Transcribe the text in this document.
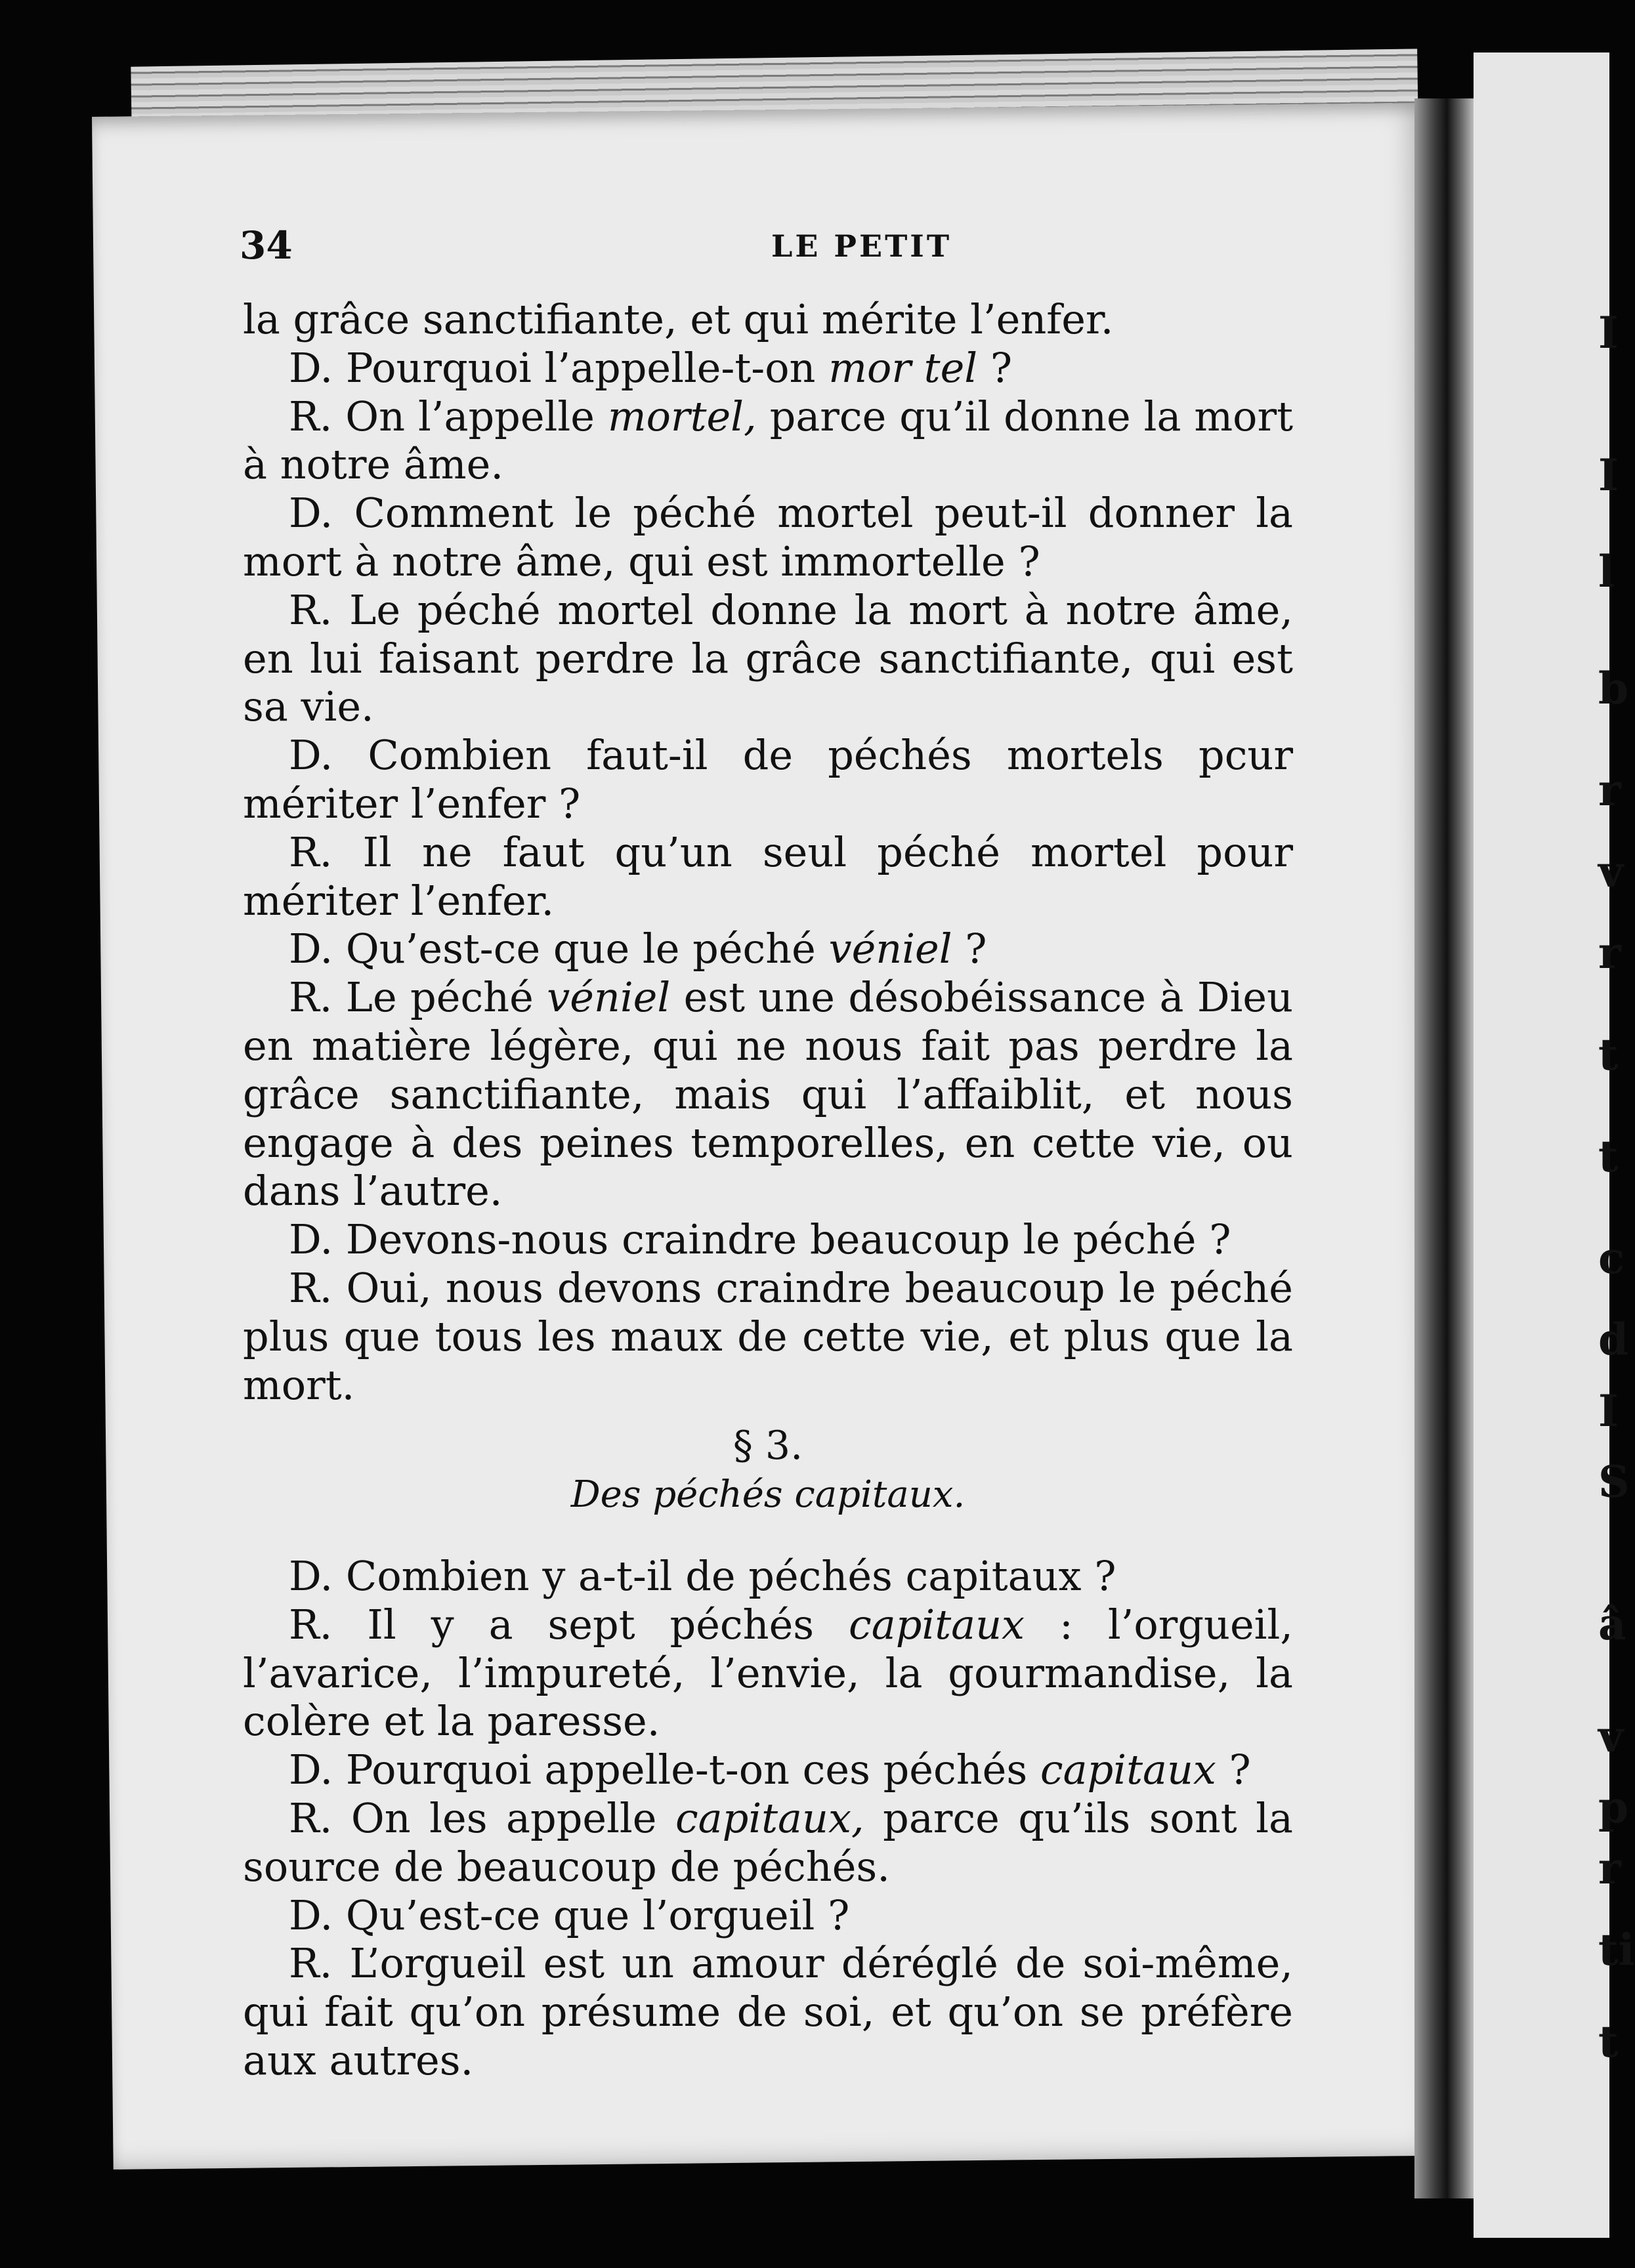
I
I
l
b
r
v
r
t
t
c
d
I
S
â
v
p
r
ti
t
34	LE PETIT

la grâce sanctifiante, et qui mérite l’enfer.

D. Pourquoi l’appelle-t-on mor tel ?

R. On l’appelle mortel, parce qu’il donne la mort à notre âme.

D. Comment le péché mortel peut-il donner la mort à notre âme, qui est immortelle ?

R. Le péché mortel donne la mort à notre âme, en lui faisant perdre la grâce sanctifiante, qui est sa vie.

D. Combien faut-il de péchés mortels pcur mériter l’enfer ?

R. Il ne faut qu’un seul péché mortel pour mériter l’enfer.

D. Qu’est-ce que le péché véniel ?

R. Le péché véniel est une désobéissance à Dieu en matière légère, qui ne nous fait pas perdre la grâce sanctifiante, mais qui l’affaiblit, et nous engage à des peines temporelles, en cette vie, ou dans l’autre.

D. Devons-nous craindre beaucoup le péché ?

R. Oui, nous devons craindre beaucoup le péché plus que tous les maux de cette vie, et plus que la mort.

§ 3.
Des péchés capitaux.

D. Combien y a-t-il de péchés capitaux ?

R. Il y a sept péchés capitaux : l’orgueil, l’avarice, l’impureté, l’envie, la gourmandise, la colère et la paresse.

D. Pourquoi appelle-t-on ces péchés capitaux ?

R. On les appelle capitaux, parce qu’ils sont la source de beaucoup de péchés.

D. Qu’est-ce que l’orgueil ?

R. L’orgueil est un amour déréglé de soi-même, qui fait qu’on présume de soi, et qu’on se préfère aux autres.
